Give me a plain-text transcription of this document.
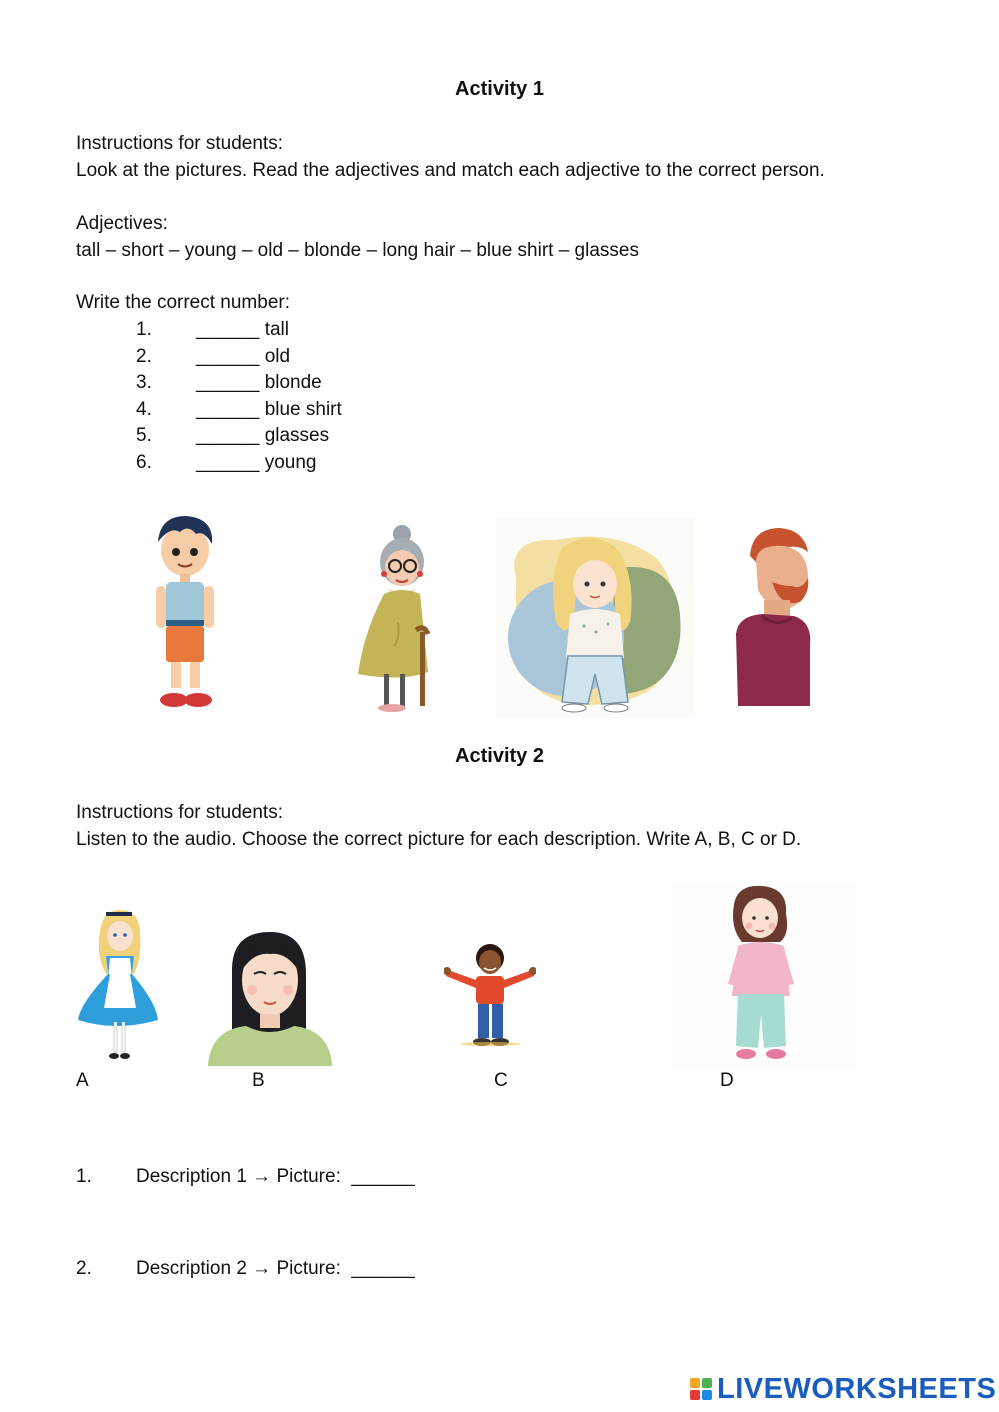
Activity 1
Instructions for students:
Look at the pictures. Read the adjectives and match each adjective to the correct person.
Adjectives:
tall – short – young – old – blonde – long hair – blue shirt – glasses
Write the correct number:
1. ______ tall
2. ______ old
3. ______ blonde
4. ______ blue shirt
5. ______ glasses
6. ______ young
Activity 2
Instructions for students:
Listen to the audio. Choose the correct picture for each description. Write A, B, C or D.
A	B	C	D
1. Description 1 → Picture: ______
2. Description 2 → Picture: ______
LIVEWORKSHEETS
